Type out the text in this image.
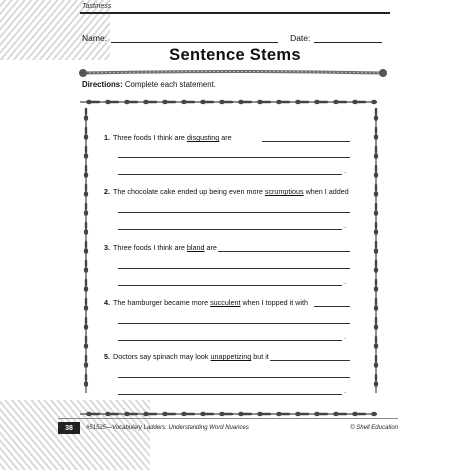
Tastiness
Name:	Date:
Sentence Stems
Directions: Complete each statement.
1. Three foods I think are disgusting are
.
2. The chocolate cake ended up being even more scrumptious when I added
.
3. Three foods I think are bland are
.
4. The hamburger became more succulent when I topped it with
.
5. Doctors say spinach may look unappetizing but it
.
38	#51525—Vocabulary Ladders: Understanding Word Nuances	© Shell Education
